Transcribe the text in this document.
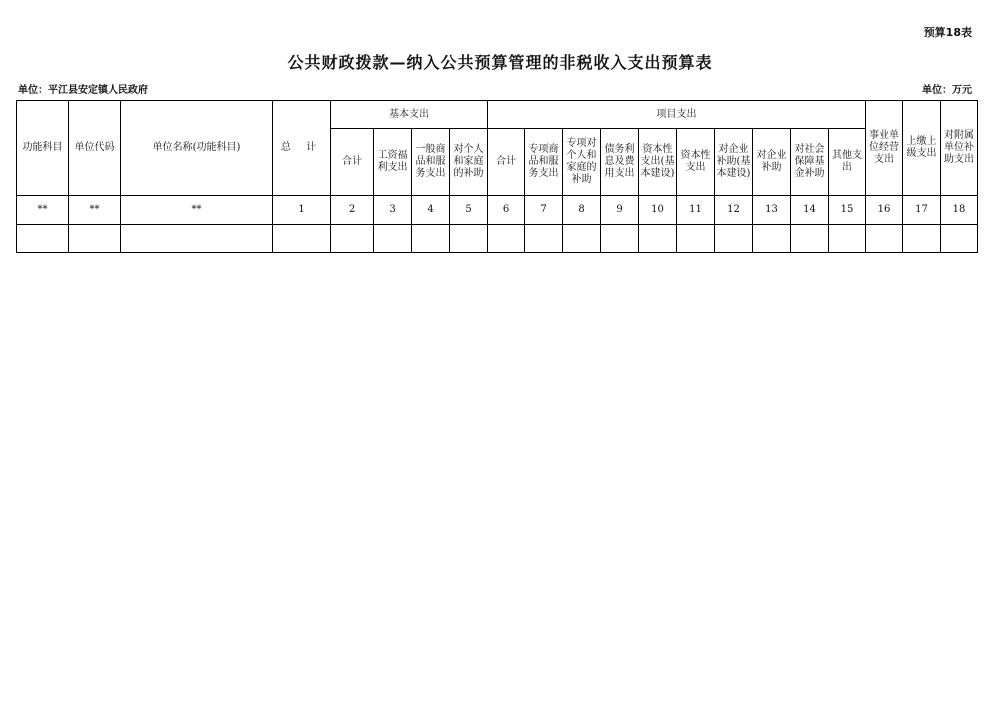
预算18表
公共财政拨款—纳入公共预算管理的非税收入支出预算表
单位：平江县安定镇人民政府	单位：万元
功能科目	单位代码	单位名称(功能科目)	总 计	基本支出				项目支出										事业单位经营支出	上缴上级支出	对附属单位补助支出
				合计	工资福利支出	一般商品和服务支出	对个人和家庭的补助	合计	专项商品和服务支出	专项对个人和家庭的补助	债务利息及费用支出	资本性支出(基本建设)	资本性支出	对企业补助(基本建设)	对企业补助	对社会保障基金补助	其他支出			
**	**	**	1	2	3	4	5	6	7	8	9	10	11	12	13	14	15	16	17	18
